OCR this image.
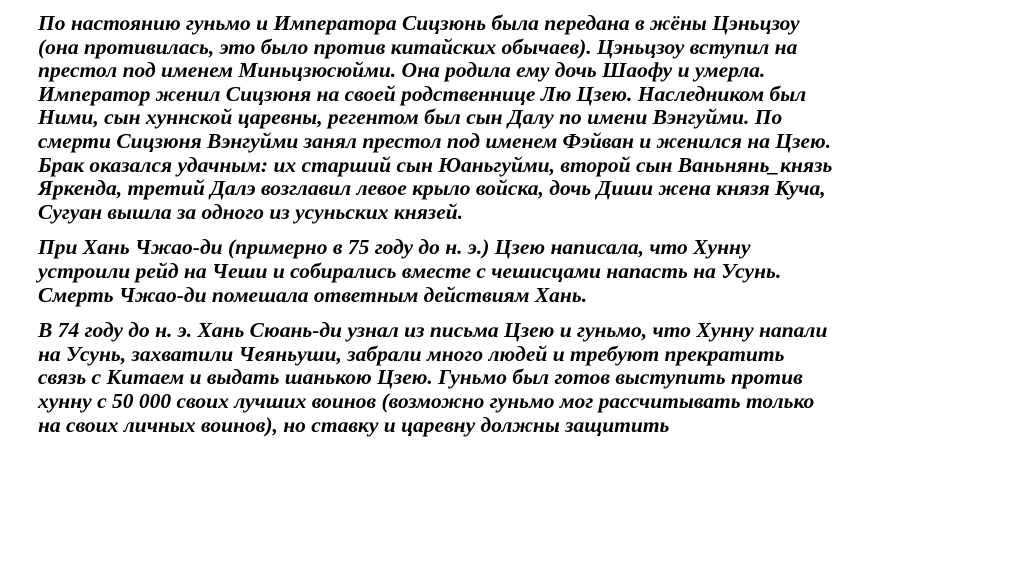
По настоянию гуньмо и Императора Сицзюнь была передана в жёны Цэньцзоу
(она противилась, это было против китайских обычаев). Цэньцзоу вступил на
престол под именем Миньцзюсюйми. Она родила ему дочь Шаофу и умерла.
Император женил Сицзюня на своей родственнице Лю Цзею. Наследником был
Ними, сын хуннской царевны, регентом был сын Далу по имени Вэнгуйми. По
смерти Сицзюня Вэнгуйми занял престол под именем Фэйван и женился на Цзею.
Брак оказался удачным: их старший сын Юаньгуйми, второй сын Ваньнянь ̲ князь
Яркенда, третий Далэ возглавил левое крыло войска, дочь Диши жена князя Куча,
Сугуан вышла за одного из усуньских князей.

При Хань Чжао-ди (примерно в 75 году до н. э.) Цзею написала, что Хунну
устроили рейд на Чеши и собирались вместе с чешисцами напасть на Усунь.
Смерть Чжао-ди помешала ответным действиям Хань.

В 74 году до н. э. Хань Сюань-ди узнал из письма Цзею и гуньмо, что Хунну напали
на Усунь, захватили Чеяньуши, забрали много людей и требуют прекратить
связь с Китаем и выдать шанькою Цзею. Гуньмо был готов выступить против
хунну с 50 000 своих лучших воинов (возможно гуньмо мог рассчитывать только
на своих личных воинов), но ставку и царевну должны защитить
